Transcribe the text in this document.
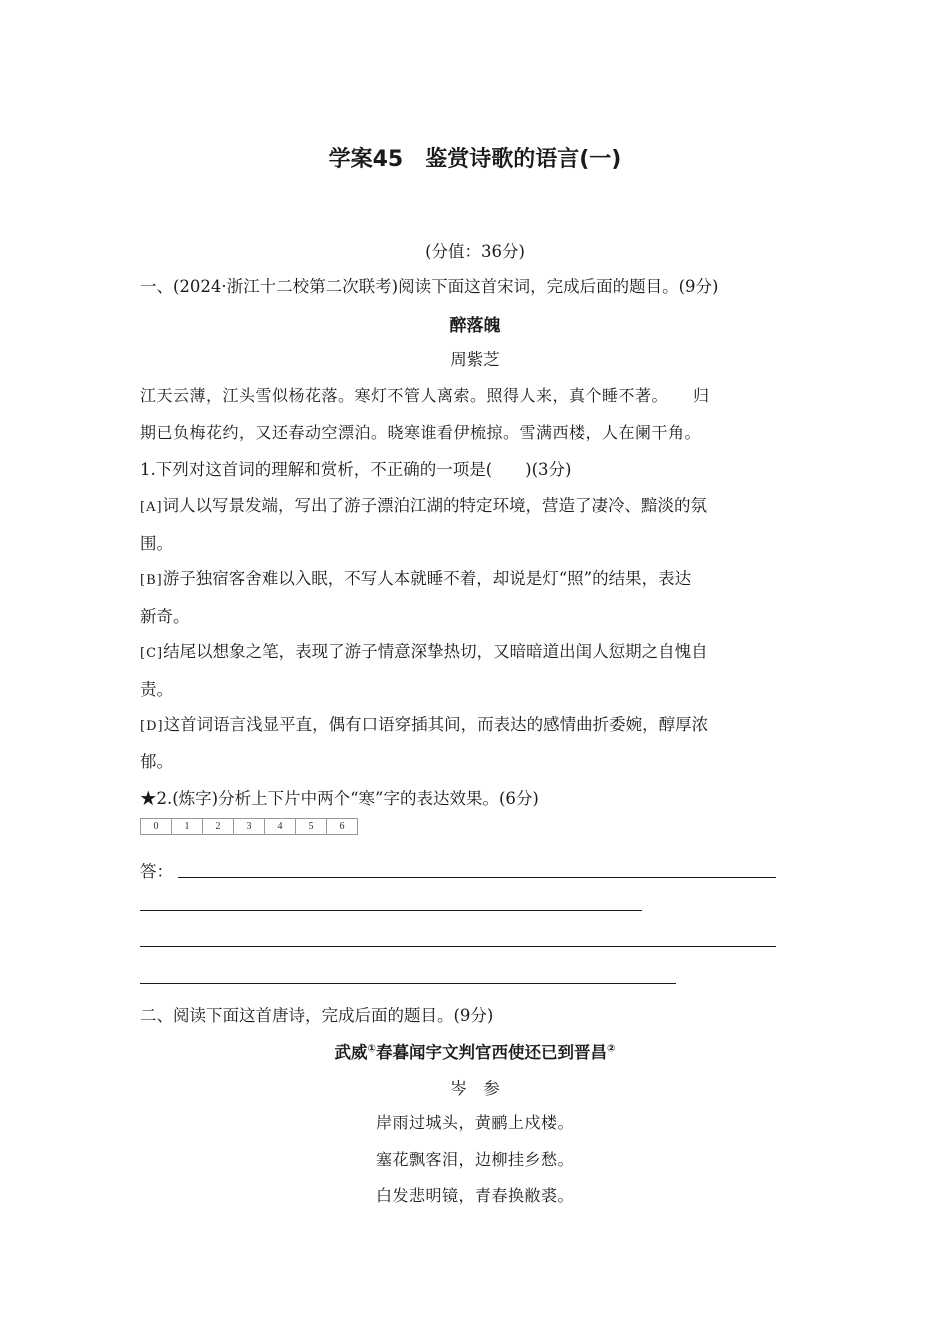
学案45　鉴赏诗歌的语言(一)
(分值：36分)
一、(2024·浙江十二校第二次联考)阅读下面这首宋词，完成后面的题目。(9分)
醉落魄
周紫芝
江天云薄，江头雪似杨花落。寒灯不管人离索。照得人来，真个睡不著。　　归
期已负梅花约，又还春动空漂泊。晓寒谁看伊梳掠。雪满西楼，人在阑干角。
1.下列对这首词的理解和赏析，不正确的一项是(　　)(3分)
[A]词人以写景发端，写出了游子漂泊江湖的特定环境，营造了凄冷、黯淡的氛
围。
[B]游子独宿客舍难以入眠，不写人本就睡不着，却说是灯“照”的结果，表达
新奇。
[C]结尾以想象之笔，表现了游子情意深挚热切，又暗暗道出闺人愆期之自愧自
责。
[D]这首词语言浅显平直，偶有口语穿插其间，而表达的感情曲折委婉，醇厚浓
郁。
★2.(炼字)分析上下片中两个“寒”字的表达效果。(6分)
0	1	2	3	4	5	6
答：
二、阅读下面这首唐诗，完成后面的题目。(9分)
武威①春暮闻宇文判官西使还已到晋昌②
岑　参
岸雨过城头，黄鹂上戍楼。
塞花飘客泪，边柳挂乡愁。
白发悲明镜，青春换敝裘。
